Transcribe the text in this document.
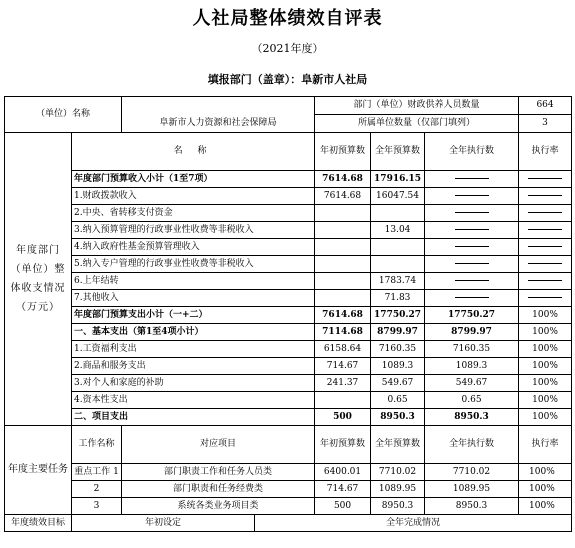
人社局整体绩效自评表
（2021年度）
填报部门（盖章）：阜新市人社局
（单位）名称		阜新市人力资源和社会保障局		部门（单位）财政供养人员数量			664
				所属单位数量（仅部门填列）			3
年度部门（单位）整体收支情况（万元）	名 称			年初预算数	全年预算数	全年执行数	执行率
	年度部门预算收入小计（1至7项）			7614.68	17916.15		
	1.财政拨款收入			7614.68	16047.54		
	2.中央、省转移支付资金						
	3.纳入预算管理的行政事业性收费等非税收入				13.04		
	4.纳入政府性基金预算管理收入						
	5.纳入专户管理的行政事业性收费等非税收入						
	6.上年结转				1783.74		
	7.其他收入				71.83		
	年度部门预算支出小计（一+二）			7614.68	17750.27	17750.27	100%
	一、基本支出（第1至4项小计）			7114.68	8799.97	8799.97	100%
	1.工资福利支出			6158.64	7160.35	7160.35	100%
	2.商品和服务支出			714.67	1089.3	1089.3	100%
	3.对个人和家庭的补助			241.37	549.67	549.67	100%
	4.资本性支出				0.65	0.65	100%
	二、项目支出			500	8950.3	8950.3	100%
年度主要任务	工作名称	对应项目		年初预算数	全年预算数	全年执行数	执行率
	重点工作 1	部门职责工作和任务人员类		6400.01	7710.02	7710.02	100%
	2	部门职责和任务经费类		714.67	1089.95	1089.95	100%
	3	系统各类业务项目类		500	8950.3	8950.3	100%
年度绩效目标	年初设定		全年完成情况				
